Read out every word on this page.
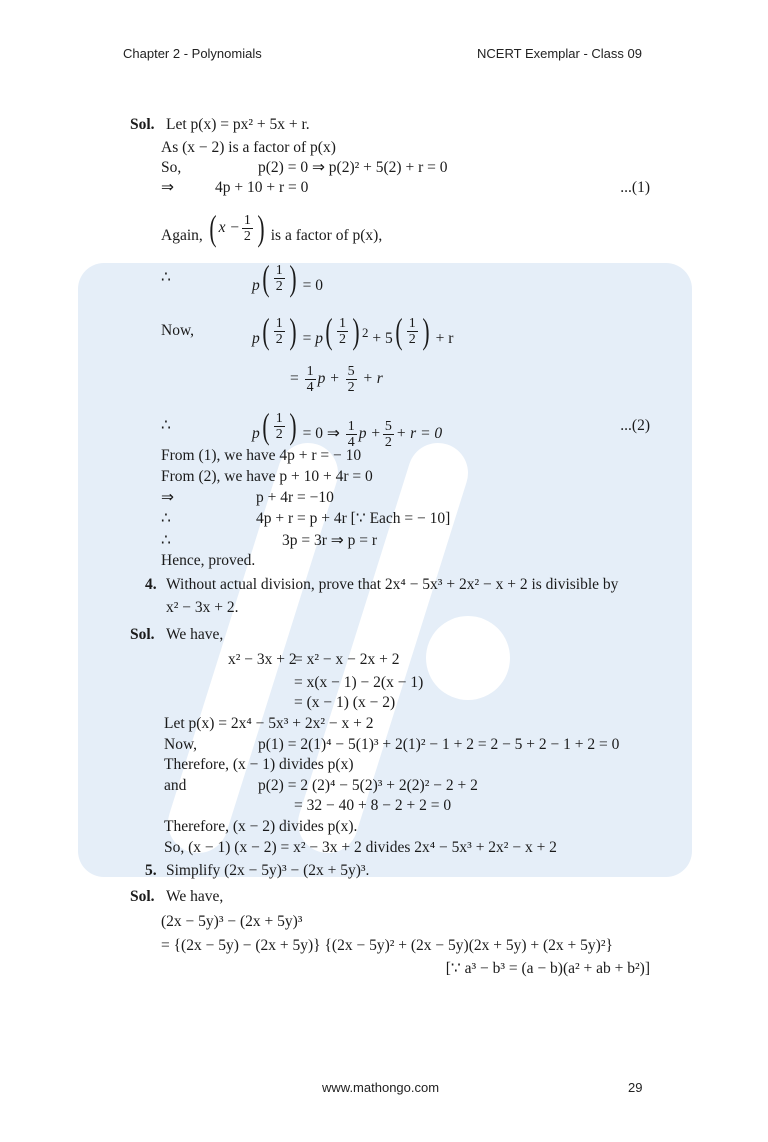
Chapter 2 - Polynomials	NCERT Exemplar - Class 09
Sol. Let p(x) = px² + 5x + r.
As (x − 2) is a factor of p(x)
So,	p(2) = 0 ⇒ p(2)² + 5(2) + r = 0
⇒	4p + 10 + r = 0	...(1)
Again, ( $x - \frac{1}{2}$
) is a factor of p(x),
∴	p ( $\frac{1}{2}$
) = 0
Now,	p ( $\frac{1}{2}$
) = p ( $\frac{1}{2}$
) $^2$ + 5 ( $\frac{1}{2}$
) + r
= $\frac{1}{4}$ $p + \frac{5}{2} + r$
∴	p ( $\frac{1}{2}$
) = 0 ⇒ $\frac{1}{4}$ $p + \frac{5}{2} + r = 0$	...(2)
From (1), we have 4p + r = − 10
From (2), we have p + 10 + 4r = 0
⇒	p + 4r = −10
∴	4p + r = p + 4r [∵ Each = − 10]
∴	3p = 3r ⇒ p = r
Hence, proved.
4. Without actual division, prove that 2x⁴ − 5x³ + 2x² − x + 2 is divisible by
x² − 3x + 2.
Sol. We have,
x² − 3x + 2
= x² − x − 2x + 2
= x(x − 1) − 2(x − 1)
= (x − 1) (x − 2)
Let p(x) = 2x⁴ − 5x³ + 2x² − x + 2
Now,	p(1) = 2(1)⁴ − 5(1)³ + 2(1)² − 1 + 2 = 2 − 5 + 2 − 1 + 2 = 0
Therefore, (x − 1) divides p(x)
and	p(2) = 2 (2)⁴ − 5(2)³ + 2(2)² − 2 + 2
= 32 − 40 + 8 − 2 + 2 = 0
Therefore, (x − 2) divides p(x).
So, (x − 1) (x − 2) = x² − 3x + 2 divides 2x⁴ − 5x³ + 2x² − x + 2
5. Simplify (2x − 5y)³ − (2x + 5y)³.
Sol. We have,
(2x − 5y)³ − (2x + 5y)³
= {(2x − 5y) − (2x + 5y)} {(2x − 5y)² + (2x − 5y)(2x + 5y) + (2x + 5y)²}
[∵ a³ − b³ = (a − b)(a² + ab + b²)]
www.mathongo.com	29
